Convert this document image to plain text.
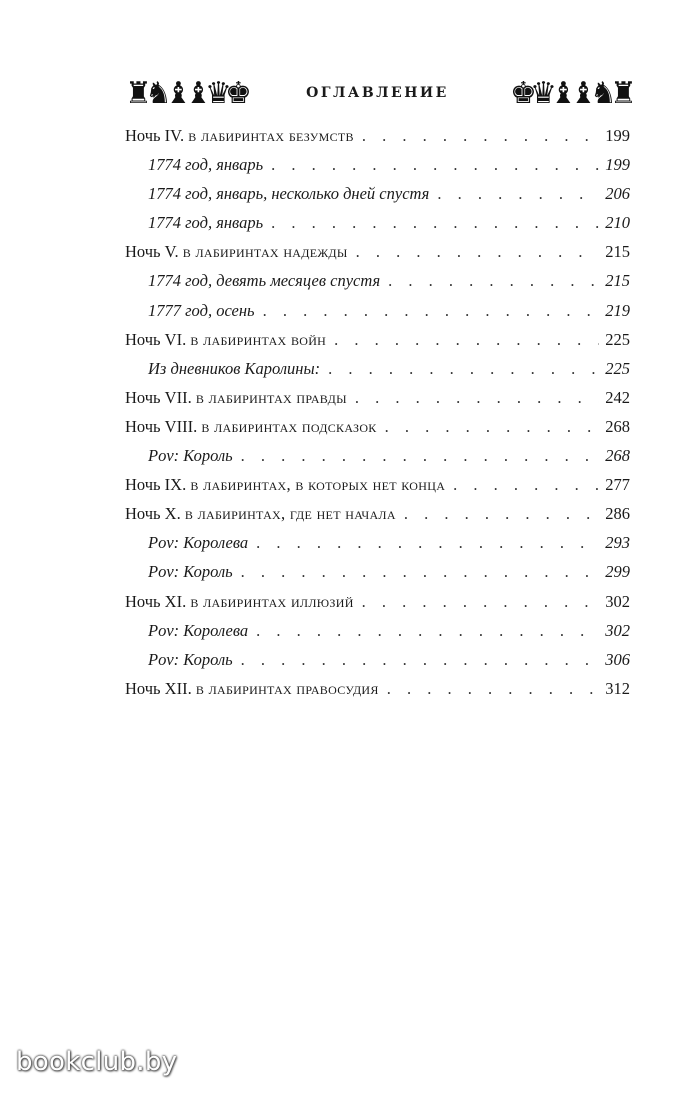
♜
♞
♝
♝
♛
♚	оглавление	♚
♛
♝
♝
♞
♜
Ночь IV. в лабиринтах безумств . . .	199
1774 год, январь . . .	199
1774 год, январь, несколько дней спустя . . .	206
1774 год, январь . . .	210
Ночь V. в лабиринтах надежды . . .	215
1774 год, девять месяцев спустя . . .	215
1777 год, осень . . .	219
Ночь VI. в лабиринтах войн . . .	225
Из дневников Каролины: . . .	225
Ночь VII. в лабиринтах правды . . .	242
Ночь VIII. в лабиринтах подсказок . . .	268
Pov: Король . . .	268
Ночь IX. в лабиринтах, в которых нет конца . . .	277
Ночь X. в лабиринтах, где нет начала . . .	286
Pov: Королева . . .	293
Pov: Король . . .	299
Ночь XI. в лабиринтах иллюзий . . .	302
Pov: Королева . . .	302
Pov: Король . . .	306
Ночь XII. в лабиринтах правосудия . . .	312
bookclub.by
